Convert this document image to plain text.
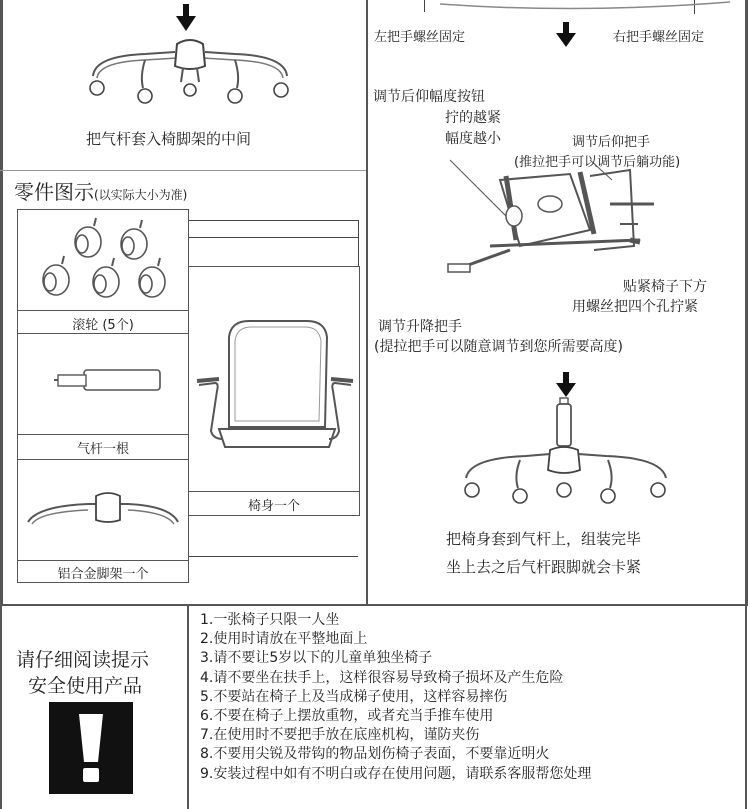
把气杆套入椅脚架的中间
零件图示(以实际大小为准)
滚轮 (5个)
气杆一根
铝合金脚架一个
椅身一个
左把手螺丝固定	右把手螺丝固定
调节后仰幅度按钮
拧的越紧
幅度越小	调节后仰把手
(推拉把手可以调节后躺功能)
贴紧椅子下方
用螺丝把四个孔拧紧
调节升降把手
(提拉把手可以随意调节到您所需要高度)
把椅身套到气杆上，组装完毕
坐上去之后气杆跟脚就会卡紧
请仔细阅读提示
安全使用产品
1.一张椅子只限一人坐
2.使用时请放在平整地面上
3.请不要让5岁以下的儿童单独坐椅子
4.请不要坐在扶手上，这样很容易导致椅子损坏及产生危险
5.不要站在椅子上及当成梯子使用，这样容易摔伤
6.不要在椅子上摆放重物，或者充当手推车使用
7.在使用时不要把手放在底座机构，谨防夹伤
8.不要用尖锐及带钩的物品划伤椅子表面，不要靠近明火
9.安装过程中如有不明白或存在使用问题，请联系客服帮您处理
